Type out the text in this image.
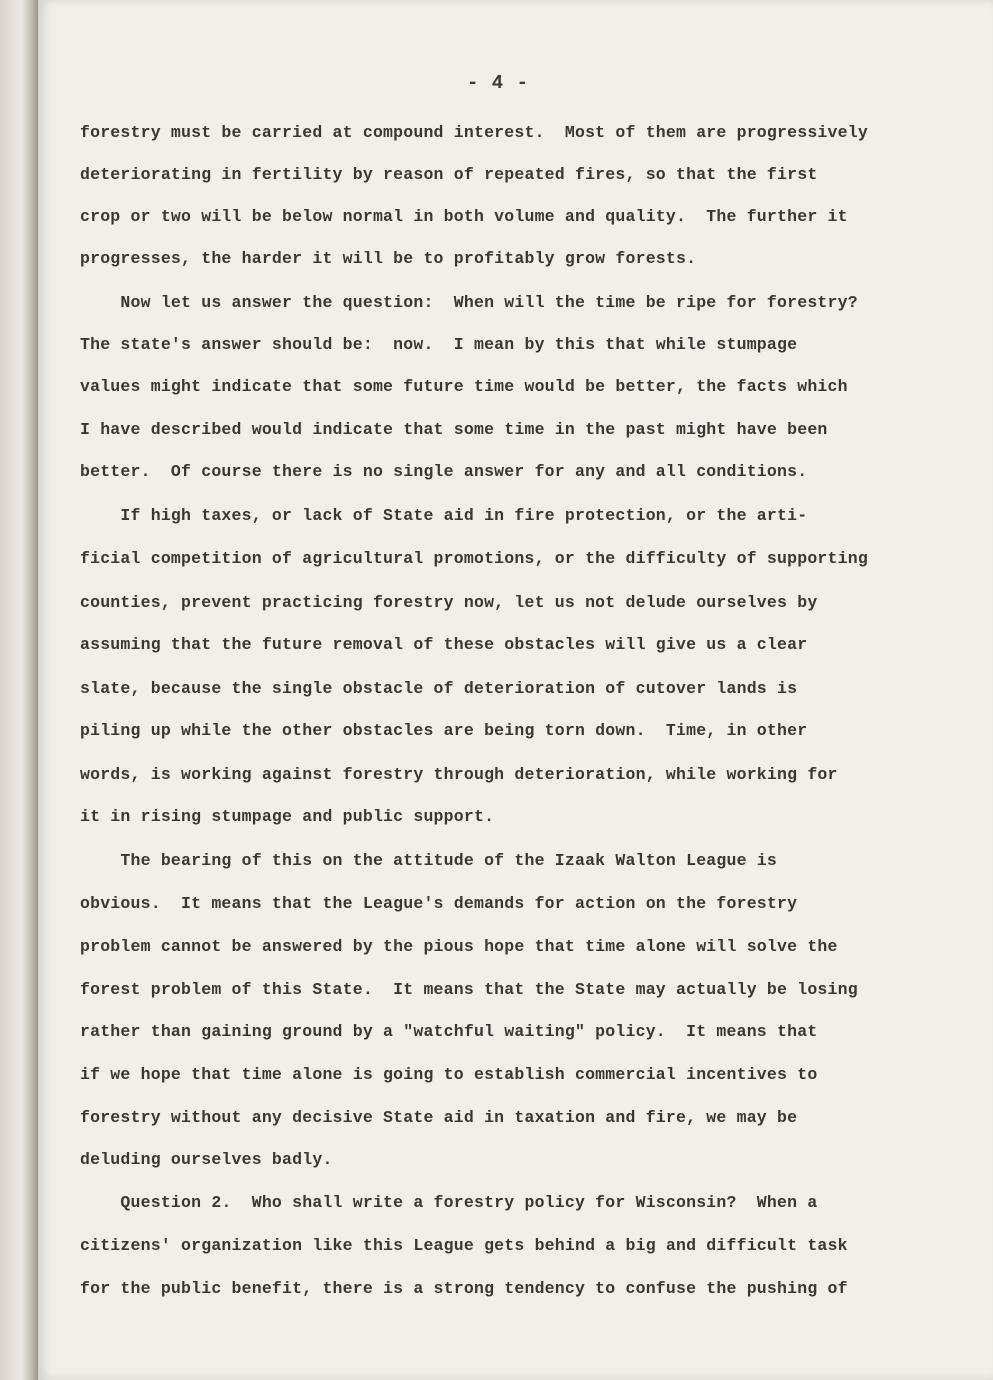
- 4 -
forestry must be carried at compound interest.  Most of them are progressively
deteriorating in fertility by reason of repeated fires, so that the first
crop or two will be below normal in both volume and quality.  The further it
progresses, the harder it will be to profitably grow forests.
Now let us answer the question:  When will the time be ripe for forestry?
The state's answer should be:  now.  I mean by this that while stumpage
values might indicate that some future time would be better, the facts which
I have described would indicate that some time in the past might have been
better.  Of course there is no single answer for any and all conditions.
If high taxes, or lack of State aid in fire protection, or the arti-
ficial competition of agricultural promotions, or the difficulty of supporting
counties, prevent practicing forestry now, let us not delude ourselves by
assuming that the future removal of these obstacles will give us a clear
slate, because the single obstacle of deterioration of cutover lands is
piling up while the other obstacles are being torn down.  Time, in other
words, is working against forestry through deterioration, while working for
it in rising stumpage and public support.
The bearing of this on the attitude of the Izaak Walton League is
obvious.  It means that the League's demands for action on the forestry
problem cannot be answered by the pious hope that time alone will solve the
forest problem of this State.  It means that the State may actually be losing
rather than gaining ground by a "watchful waiting" policy.  It means that
if we hope that time alone is going to establish commercial incentives to
forestry without any decisive State aid in taxation and fire, we may be
deluding ourselves badly.
Question 2.  Who shall write a forestry policy for Wisconsin?  When a
citizens' organization like this League gets behind a big and difficult task
for the public benefit, there is a strong tendency to confuse the pushing of
